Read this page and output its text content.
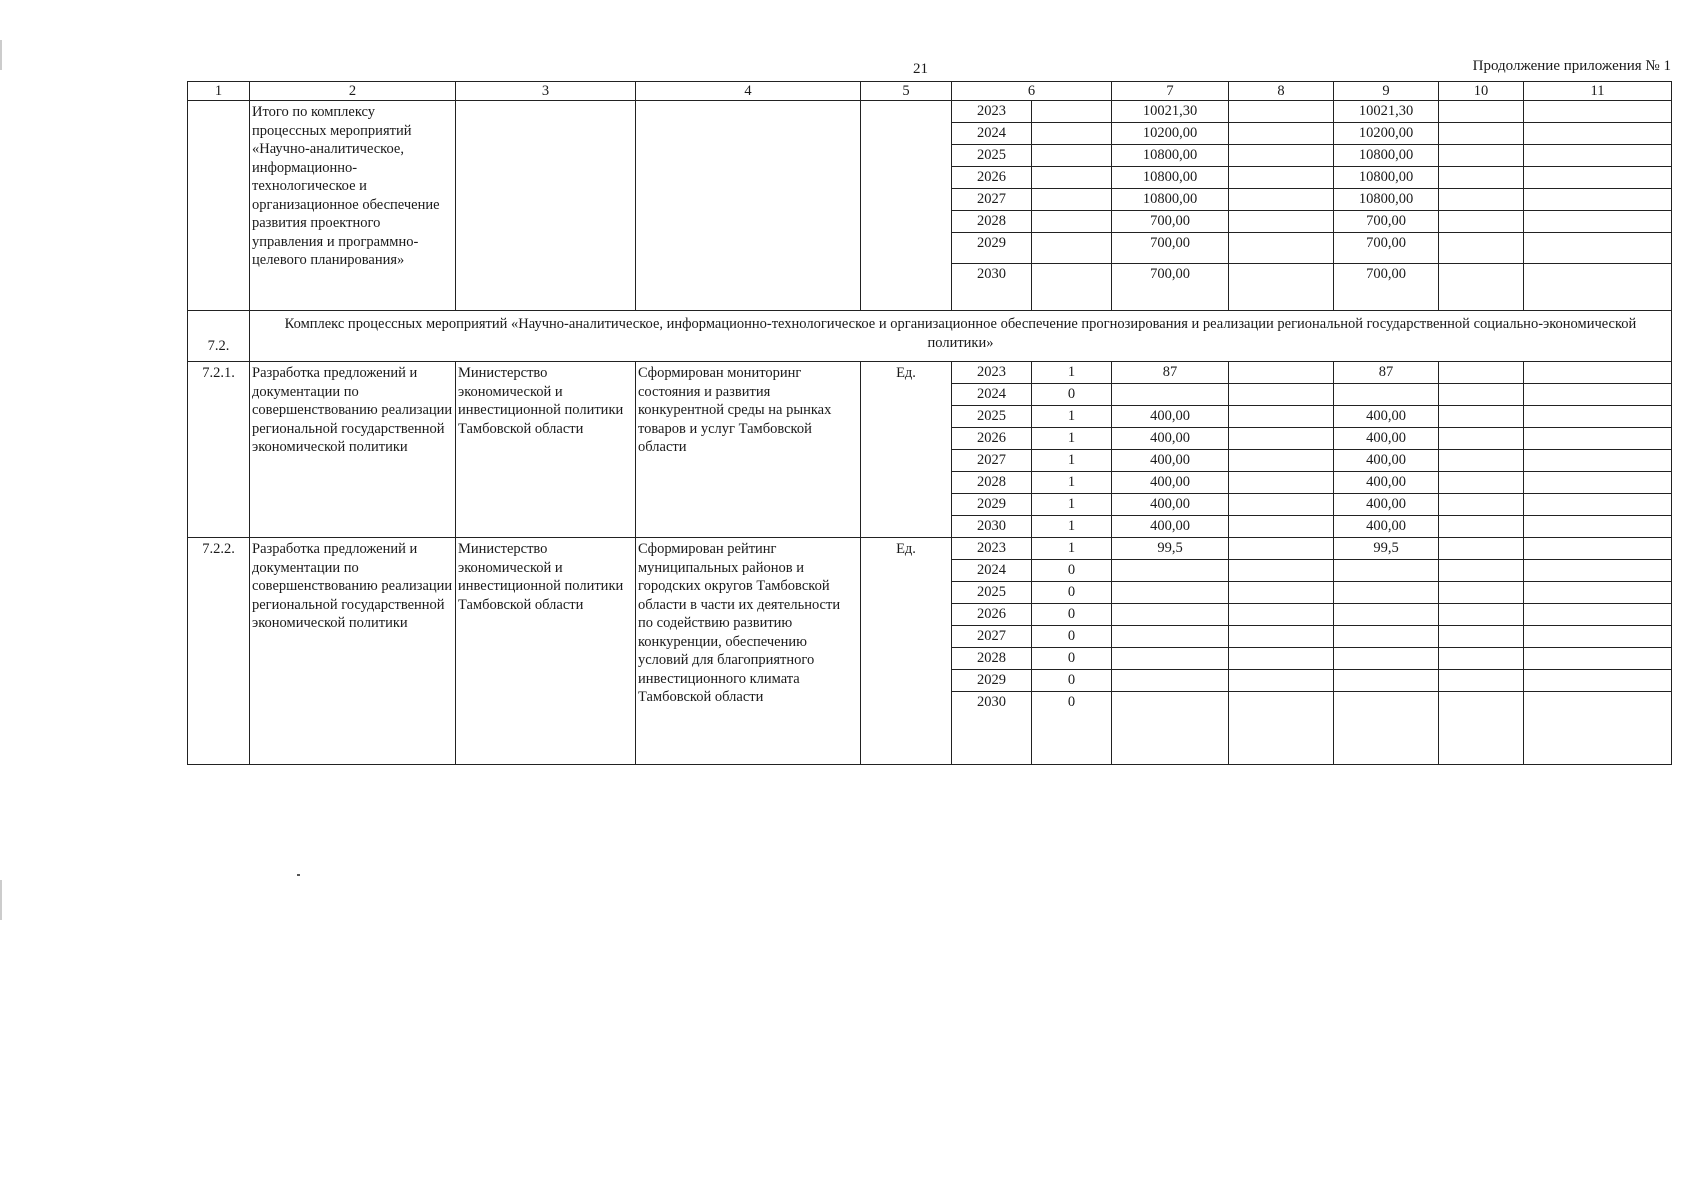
21	Продолжение приложения № 1
1	2	3	4	5	6		7	8	9	10	11
	Итого по комплексу процессных мероприятий «Научно-аналитическое, информационно-технологическое и организационное обеспечение развития проектного управления и программно-целевого планирования»				2023		10021,30		10021,30		
					2024		10200,00		10200,00		
					2025		10800,00		10800,00		
					2026		10800,00		10800,00		
					2027		10800,00		10800,00		
					2028		700,00		700,00		
					2029		700,00		700,00		
					2030		700,00		700,00		
7.2.	Комплекс процессных мероприятий «Научно-аналитическое, информационно-технологическое и организационное обеспечение прогнозирования и реализации региональной государственной социально-экономической политики»										
7.2.1.	Разработка предложений и документации по совершенствованию реализации региональной государственной экономической политики	Министерство экономической и инвестиционной политики Тамбовской области	Сформирован мониторинг состояния и развития конкурентной среды на рынках товаров и услуг Тамбовской области	Ед.	2023	1	87		87		
					2024	0					
					2025	1	400,00		400,00		
					2026	1	400,00		400,00		
					2027	1	400,00		400,00		
					2028	1	400,00		400,00		
					2029	1	400,00		400,00		
					2030	1	400,00		400,00		
7.2.2.	Разработка предложений и документации по совершенствованию реализации региональной государственной экономической политики	Министерство экономической и инвестиционной политики Тамбовской области	Сформирован рейтинг муниципальных районов и городских округов Тамбовской области в части их деятельности по содействию развитию конкуренции, обеспечению условий для благоприятного инвестиционного климата Тамбовской области	Ед.	2023	1	99,5		99,5		
					2024	0					
					2025	0					
					2026	0					
					2027	0					
					2028	0					
					2029	0					
					2030	0					
